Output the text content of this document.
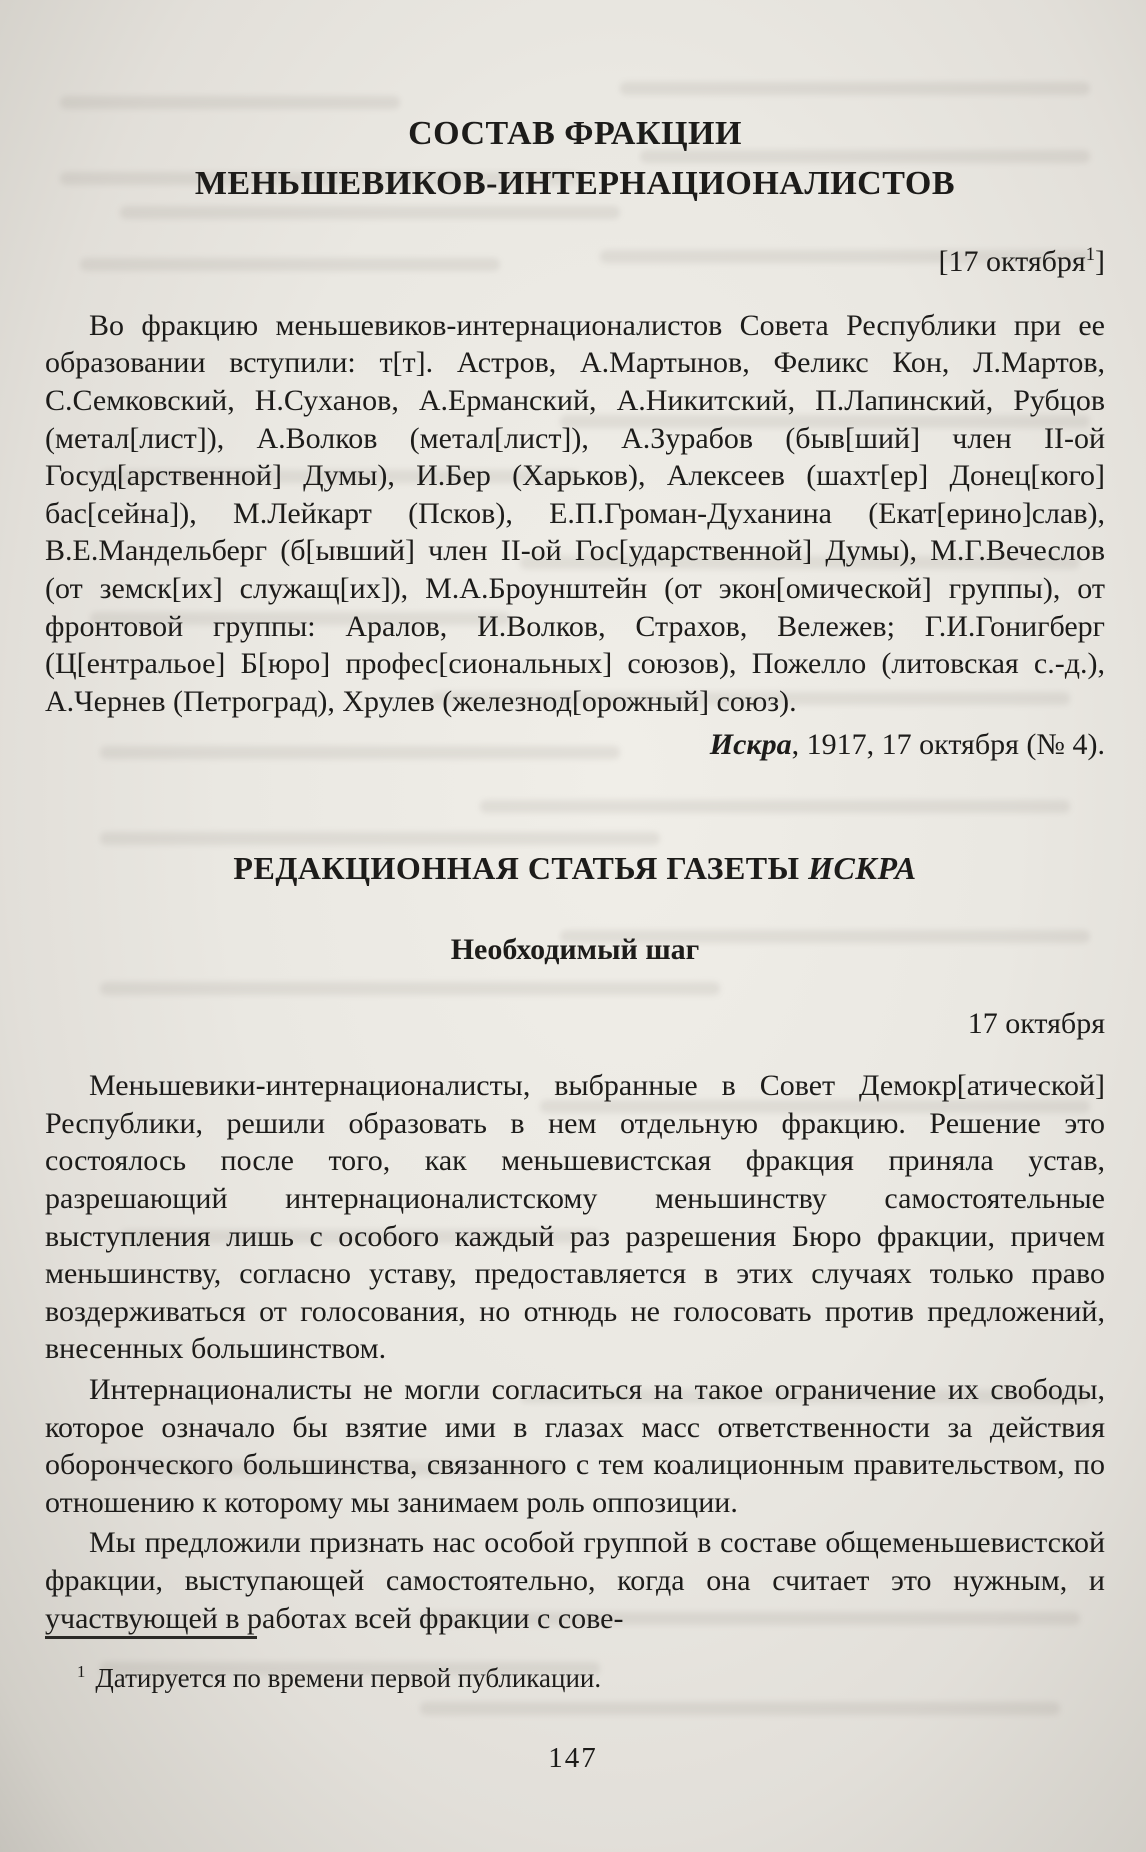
СОСТАВ ФРАКЦИИ
МЕНЬШЕВИКОВ-ИНТЕРНАЦИОНАЛИСТОВ
[17 октября$^1$]

Во фракцию меньшевиков-интернационалистов Совета Республики при ее образовании вступили: т[т]. Астров, А.Мартынов, Феликс Кон, Л.Мартов, С.Семковский, Н.Суханов, А.Ерманский, А.Никитский, П.Лапинский, Рубцов (метал[лист]), А.Волков (метал[лист]), А.Зурабов (быв[ший] член II-ой Госуд[арственной] Думы), И.Бер (Харьков), Алексеев (шахт[ер] Донец[кого] бас[сейна]), М.Лейкарт (Псков), Е.П.Громан-Духанина (Екат[ерино]слав), В.Е.Мандельберг (б[ывший] член II-ой Гос[ударственной] Думы), М.Г.Вечеслов (от земск[их] служащ[их]), М.А.Броунштейн (от экон[омической] группы), от фронтовой группы: Аралов, И.Волков, Страхов, Вележев; Г.И.Гонигберг (Ц[ентральое] Б[юро] профес[сиональных] союзов), Пожелло (литовская с.-д.), А.Чернев (Петроград), Хрулев (железнод[орожный] союз).

Искра, 1917, 17 октября (№ 4).
РЕДАКЦИОННАЯ СТАТЬЯ ГАЗЕТЫ ИСКРА
Необходимый шаг
17 октября

Меньшевики-интернационалисты, выбранные в Совет Демокр[атической] Республики, решили образовать в нем отдельную фракцию. Решение это состоялось после того, как меньшевистская фракция приняла устав, разрешающий интернационалистскому меньшинству самостоятельные выступления лишь с особого каждый раз разрешения Бюро фракции, причем меньшинству, согласно уставу, предоставляется в этих случаях только право воздерживаться от голосования, но отнюдь не голосовать против предложений, внесенных большинством.

Интернационалисты не могли согласиться на такое ограничение их свободы, которое означало бы взятие ими в глазах масс ответственности за действия оборонческого большинства, связанного с тем коалиционным правительством, по отношению к которому мы занимаем роль оппозиции.

Мы предложили признать нас особой группой в составе общеменьшевистской фракции, выступающей самостоятельно, когда она считает это нужным, и участвующей в работах всей фракции с сове-

$^1$ Датируется по времени первой публикации.
147
